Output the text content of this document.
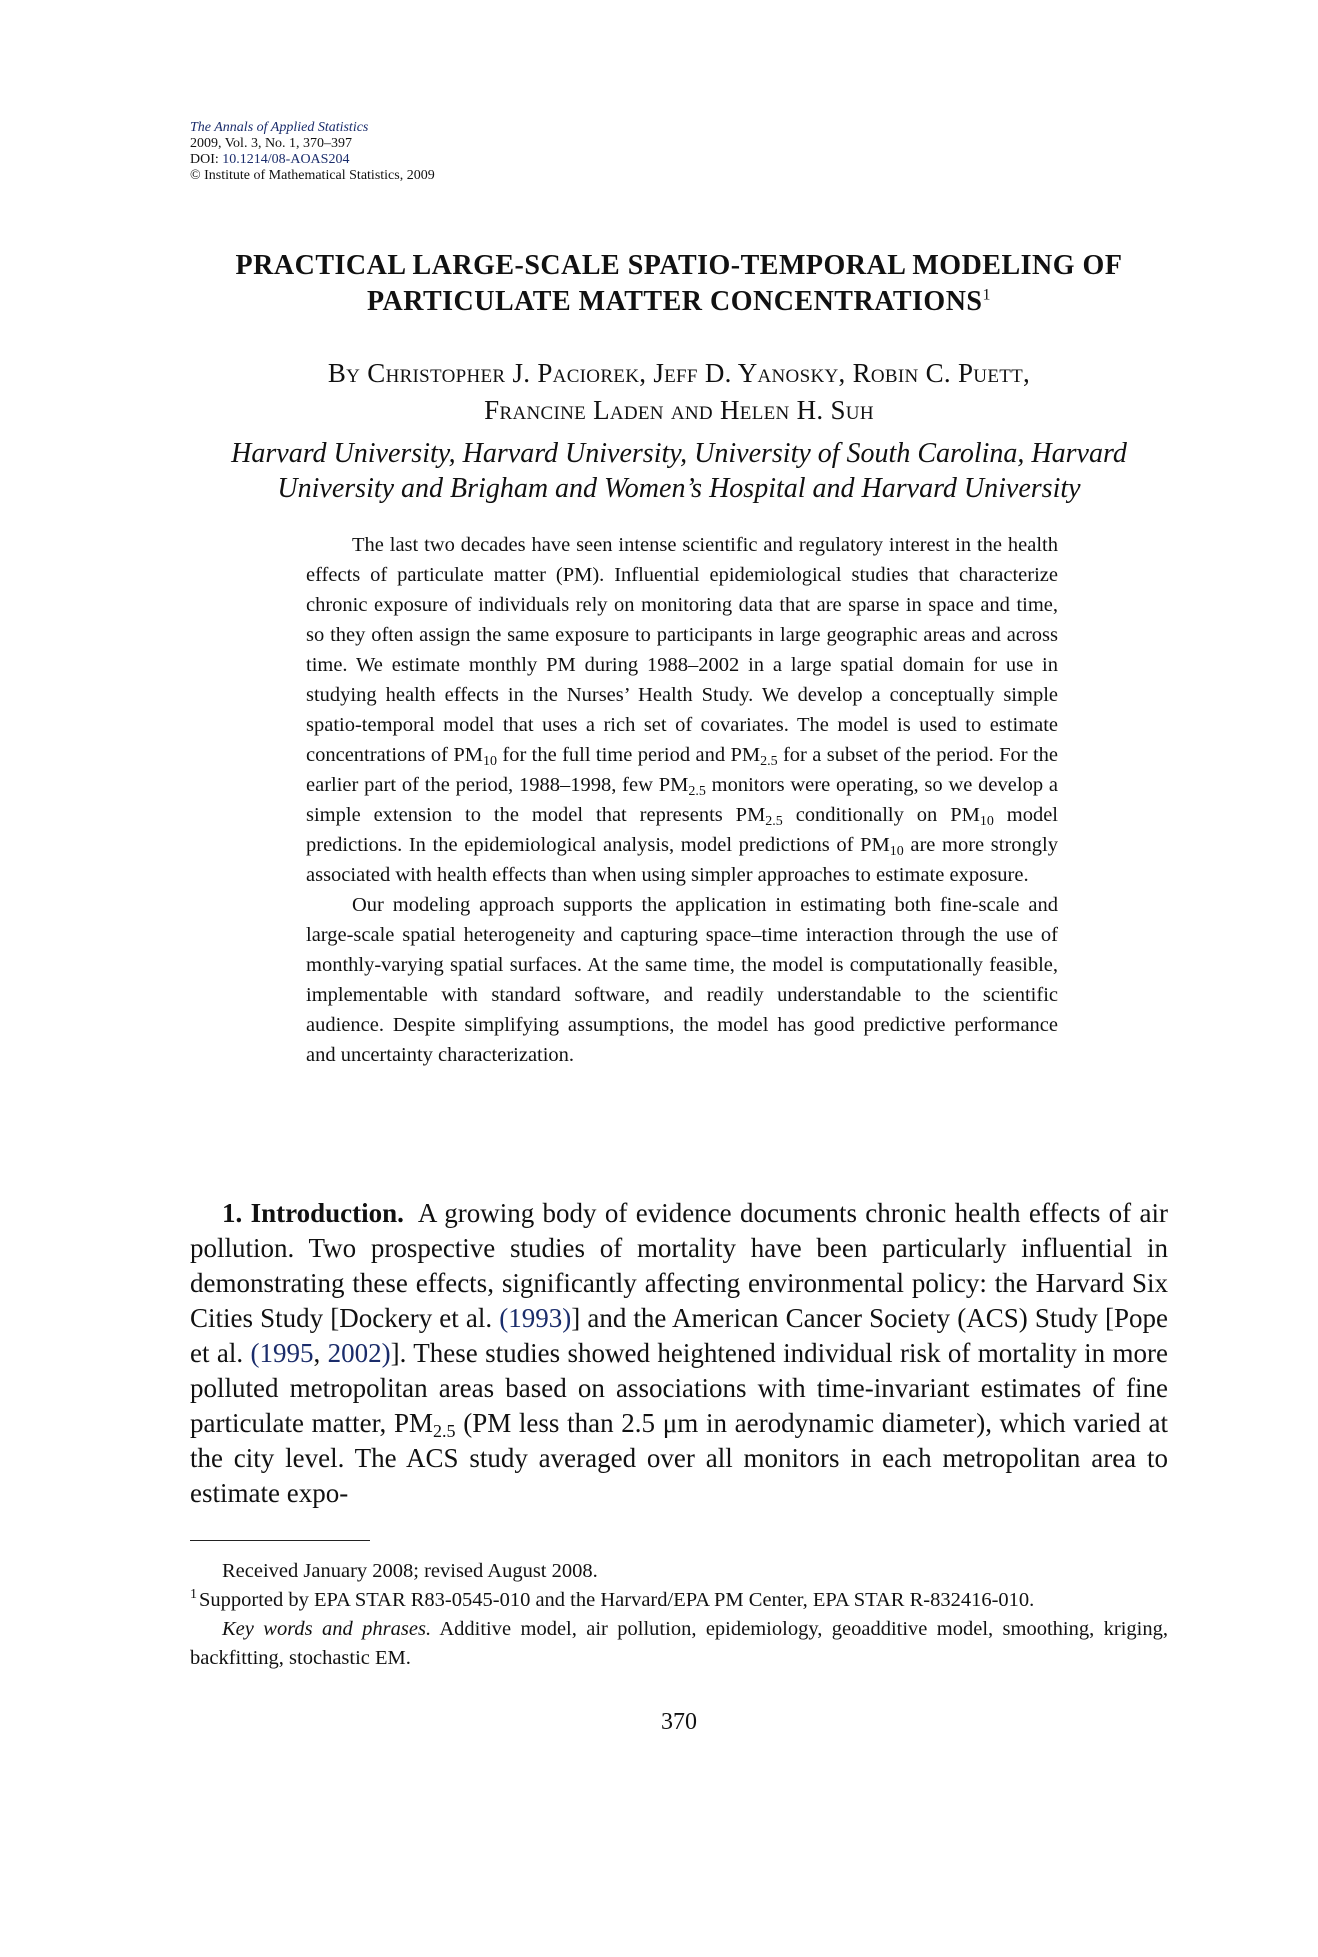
The Annals of Applied Statistics
2009, Vol. 3, No. 1, 370–397
DOI: 10.1214/08-AOAS204
© Institute of Mathematical Statistics, 2009
PRACTICAL LARGE-SCALE SPATIO-TEMPORAL MODELING OF
PARTICULATE MATTER CONCENTRATIONS$^1$
By Christopher J. Paciorek, Jeff D. Yanosky, Robin C. Puett,
Francine Laden and Helen H. Suh
Harvard University, Harvard University, University of South Carolina, Harvard
University and Brigham and Women’s Hospital and Harvard University

The last two decades have seen intense scientific and regulatory interest in the health effects of particulate matter (PM). Influential epidemiological studies that characterize chronic exposure of individuals rely on monitoring data that are sparse in space and time, so they often assign the same exposure to participants in large geographic areas and across time. We estimate monthly PM during 1988–2002 in a large spatial domain for use in studying health effects in the Nurses’ Health Study. We develop a conceptually simple spatio-temporal model that uses a rich set of covariates. The model is used to estimate concentrations of $PM_{10}$ for the full time period and $PM_{2.5}$ for a subset of the period. For the earlier part of the period, 1988–1998, few $PM_{2.5}$ monitors were operating, so we develop a simple extension to the model that represents $PM_{2.5}$ conditionally on $PM_{10}$ model predictions. In the epidemiological analysis, model predictions of $PM_{10}$ are more strongly associated with health effects than when using simpler approaches to estimate exposure.

Our modeling approach supports the application in estimating both fine-scale and large-scale spatial heterogeneity and capturing space–time interaction through the use of monthly-varying spatial surfaces. At the same time, the model is computationally feasible, implementable with standard software, and readily understandable to the scientific audience. Despite simplifying assumptions, the model has good predictive performance and uncertainty characterization.

1. Introduction. A growing body of evidence documents chronic health effects of air pollution. Two prospective studies of mortality have been particularly influential in demonstrating these effects, significantly affecting environmental policy: the Harvard Six Cities Study [Dockery et al. (1993)] and the American Cancer Society (ACS) Study [Pope et al. (1995, 2002)]. These studies showed heightened individual risk of mortality in more polluted metropolitan areas based on associations with time-invariant estimates of fine particulate matter, $PM_{2.5}$ (PM less than 2.5 μm in aerodynamic diameter), which varied at the city level. The ACS study averaged over all monitors in each metropolitan area to estimate expo-

Received January 2008; revised August 2008.

$^1$Supported by EPA STAR R83-0545-010 and the Harvard/EPA PM Center, EPA STAR R-832416-010.

Key words and phrases. Additive model, air pollution, epidemiology, geoadditive model, smoothing, kriging, backfitting, stochastic EM.

370
